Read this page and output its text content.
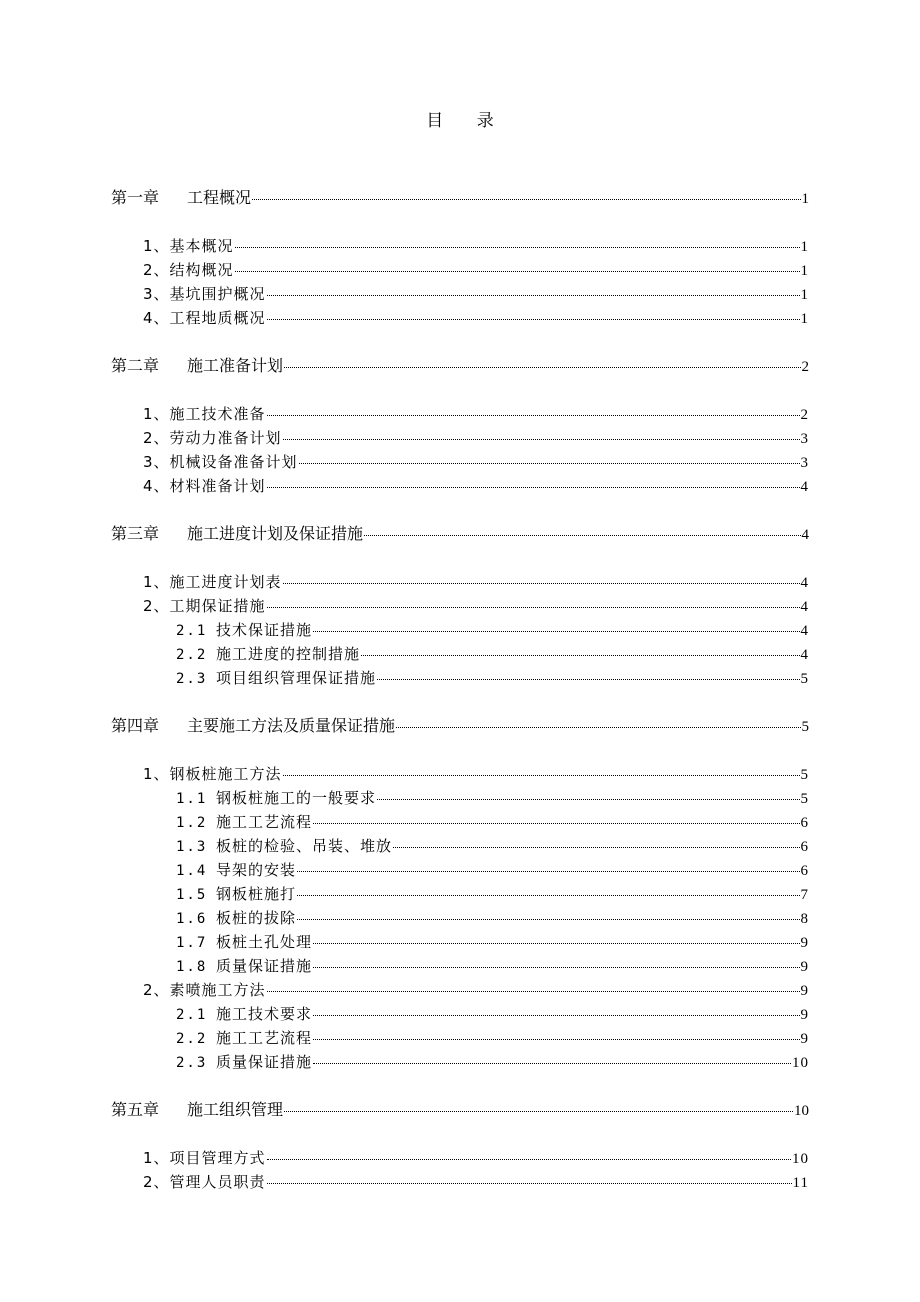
目 录
第一章 工程概况	1
1、基本概况	1
2、结构概况	1
3、基坑围护概况	1
4、工程地质概况	1
第二章 施工准备计划	2
1、施工技术准备	2
2、劳动力准备计划	3
3、机械设备准备计划	3
4、材料准备计划	4
第三章 施工进度计划及保证措施	4
1、施工进度计划表	4
2、工期保证措施	4
2.1 技术保证措施	4
2.2 施工进度的控制措施	4
2.3 项目组织管理保证措施	5
第四章 主要施工方法及质量保证措施	5
1、钢板桩施工方法	5
1.1 钢板桩施工的一般要求	5
1.2 施工工艺流程	6
1.3 板桩的检验、吊装、堆放	6
1.4 导架的安装	6
1.5 钢板桩施打	7
1.6 板桩的拔除	8
1.7 板桩土孔处理	9
1.8 质量保证措施	9
2、素喷施工方法	9
2.1 施工技术要求	9
2.2 施工工艺流程	9
2.3 质量保证措施	10
第五章 施工组织管理	10
1、项目管理方式	10
2、管理人员职责	11
